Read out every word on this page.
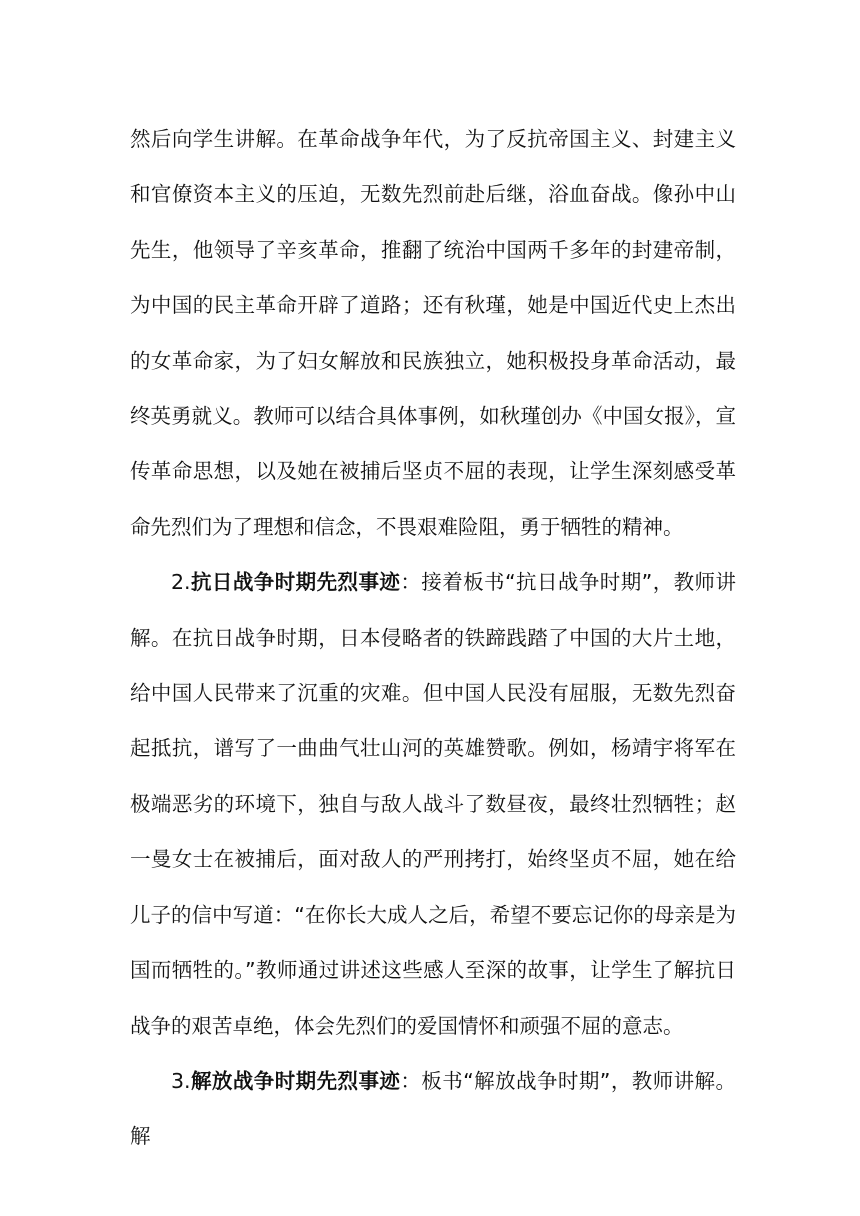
然后向学生讲解。在革命战争年代，为了反抗帝国主义、封建主义和官僚资本主义的压迫，无数先烈前赴后继，浴血奋战。像孙中山先生，他领导了辛亥革命，推翻了统治中国两千多年的封建帝制，为中国的民主革命开辟了道路；还有秋瑾，她是中国近代史上杰出的女革命家，为了妇女解放和民族独立，她积极投身革命活动，最终英勇就义。教师可以结合具体事例，如秋瑾创办《中国女报》，宣传革命思想，以及她在被捕后坚贞不屈的表现，让学生深刻感受革命先烈们为了理想和信念，不畏艰难险阻，勇于牺牲的精神。

2.抗日战争时期先烈事迹：接着板书“抗日战争时期”，教师讲解。在抗日战争时期，日本侵略者的铁蹄践踏了中国的大片土地，给中国人民带来了沉重的灾难。但中国人民没有屈服，无数先烈奋起抵抗，谱写了一曲曲气壮山河的英雄赞歌。例如，杨靖宇将军在极端恶劣的环境下，独自与敌人战斗了数昼夜，最终壮烈牺牲；赵一曼女士在被捕后，面对敌人的严刑拷打，始终坚贞不屈，她在给儿子的信中写道：“在你长大成人之后，希望不要忘记你的母亲是为国而牺牲的。”教师通过讲述这些感人至深的故事，让学生了解抗日战争的艰苦卓绝，体会先烈们的爱国情怀和顽强不屈的意志。

3.解放战争时期先烈事迹：板书“解放战争时期”，教师讲解。解
